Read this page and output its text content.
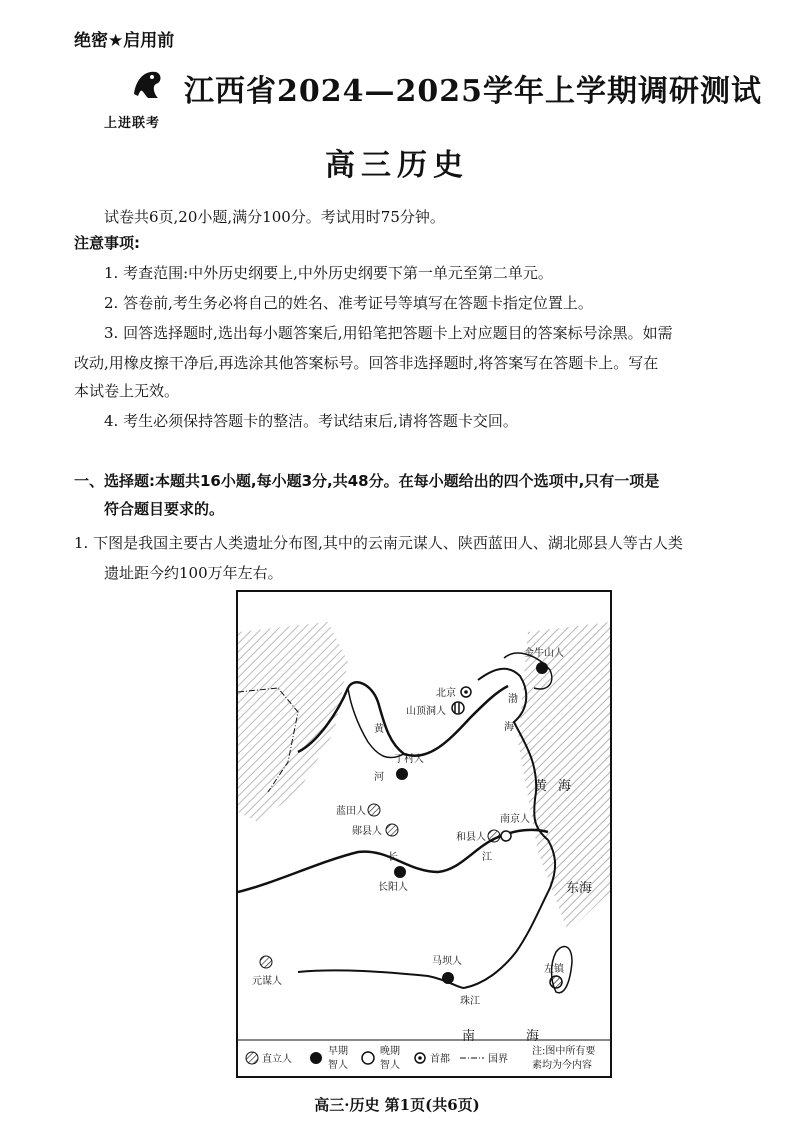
绝密★启用前
上进联考
江西省2024—2025学年上学期调研测试
高三历史
试卷共6页,20小题,满分100分。考试用时75分钟。
注意事项:
1. 考查范围:中外历史纲要上,中外历史纲要下第一单元至第二单元。
2. 答卷前,考生务必将自己的姓名、准考证号等填写在答题卡指定位置上。
3. 回答选择题时,选出每小题答案后,用铅笔把答题卡上对应题目的答案标号涂黑。如需
改动,用橡皮擦干净后,再选涂其他答案标号。回答非选择题时,将答案写在答题卡上。写在
本试卷上无效。
4. 考生必须保持答题卡的整洁。考试结束后,请将答题卡交回。
一、选择题:本题共16小题,每小题3分,共48分。在每小题给出的四个选项中,只有一项是
符合题目要求的。
1. 下图是我国主要古人类遗址分布图,其中的云南元谋人、陕西蓝田人、湖北郧县人等古人类
遗址距今约100万年左右。
金牛山人
北京
山顶洞人
丁村人
蓝田人
郧县人
和县人
南京人
长阳人
元谋人
马坝人
左镇
渤
海
黄 海
东海
南	海
黄
河
长	江
珠江
直立人
早期
智人
晚期
智人
首都	国界
注:图中所有要
素均为今内容
高三·历史 第1页(共6页)
